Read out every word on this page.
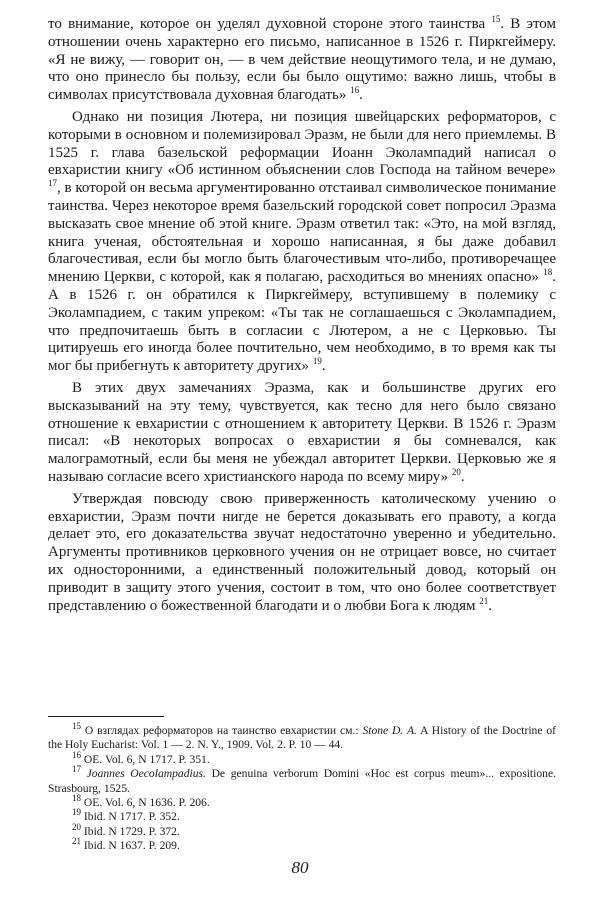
то внимание, которое он уделял духовной стороне этого таинства $^{15}$. В этом отношении очень характерно его письмо, написанное в 1526 г. Пиркгеймеру. «Я не вижу, — говорит он, — в чем действие неощутимого тела, и не думаю, что оно принесло бы пользу, если бы было ощутимо: важно лишь, чтобы в символах присутствовала духовная благодать» $^{16}$.

Однако ни позиция Лютера, ни позиция швейцарских реформаторов, с которыми в основном и полемизировал Эразм, не были для него приемлемы. В 1525 г. глава базельской реформации Иоанн Эколампадий написал о евхаристии книгу «Об истинном объяснении слов Господа на тайном вечере» $^{17}$, в которой он весьма аргументированно отстаивал символическое понимание таинства. Через некоторое время базельский городской совет попросил Эразма высказать свое мнение об этой книге. Эразм ответил так: «Это, на мой взгляд, книга ученая, обстоятельная и хорошо написанная, я бы даже добавил благочестивая, если бы могло быть благочестивым что-либо, противоречащее мнению Церкви, с которой, как я полагаю, расходиться во мнениях опасно» $^{18}$. А в 1526 г. он обратился к Пиркгеймеру, вступившему в полемику с Эколампадием, с таким упреком: «Ты так не соглашаешься с Эколампадием, что предпочитаешь быть в согласии с Лютером, а не с Церковью. Ты цитируешь его иногда более почтительно, чем необходимо, в то время как ты мог бы прибегнуть к авторитету других» $^{19}$.

В этих двух замечаниях Эразма, как и большинстве других его высказываний на эту тему, чувствуется, как тесно для него было связано отношение к евхаристии с отношением к авторитету Церкви. В 1526 г. Эразм писал: «В некоторых вопросах о евхаристии я бы сомневался, как малограмотный, если бы меня не убеждал авторитет Церкви. Церковью же я называю согласие всего христианского народа по всему миру» $^{20}$.

Утверждая повсюду свою приверженность католическому учению о евхаристии, Эразм почти нигде не берется доказывать его правоту, а когда делает это, его доказательства звучат недостаточно уверенно и убедительно. Аргументы противников церковного учения он не отрицает вовсе, но считает их односторонними, а единственный положительный довод, который он приводит в защиту этого учения, состоит в том, что оно более соответствует представлению о божественной благодати и о любви Бога к людям $^{21}$.

$^{15}$ О взглядах реформаторов на таинство евхаристии см.: Stone D. A. A History of the Doctrine of the Holy Eucharist: Vol. 1 — 2. N. Y., 1909. Vol. 2. P. 10 — 44.

$^{16}$ OE. Vol. 6, N 1717. P. 351.

$^{17}$ Joannes Oecolampadius. De genuina verborum Domini «Hoc est corpus meum»... expositione. Strasbourg, 1525.

$^{18}$ OE. Vol. 6, N 1636. P. 206.

$^{19}$ Ibid. N 1717. P. 352.

$^{20}$ Ibid. N 1729. P. 372.

$^{21}$ Ibid. N 1637. P. 209.

80
